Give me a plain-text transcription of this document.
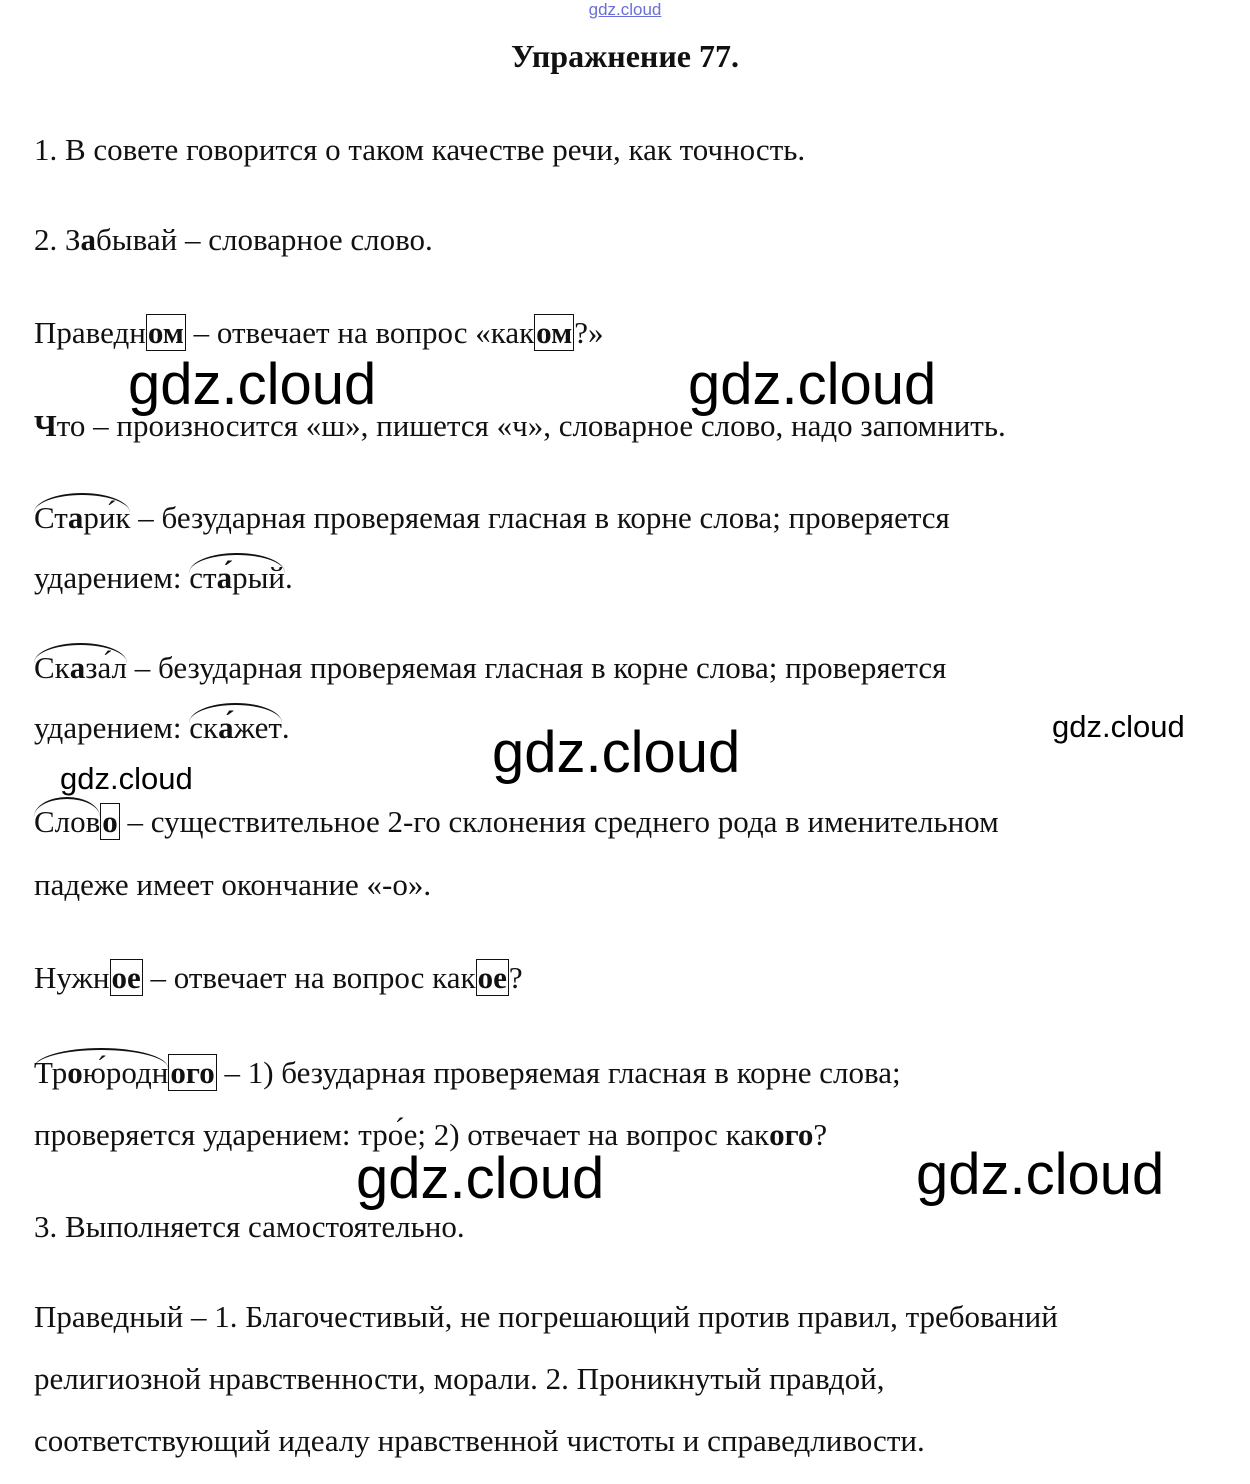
gdz.cloud
Упражнение 77.
1. В совете говорится о таком качестве речи, как точность.
2. Забывай – словарное слово.
Праведном – отвечает на вопрос «каком?»
Что – произносится «ш», пишется «ч», словарное слово, надо запомнить.
Стари́к – безударная проверяемая гласная в корне слова; проверяется
ударением: ста́рый.
Сказа́л – безударная проверяемая гласная в корне слова; проверяется
ударением: ска́жет.
Слово – существительное 2-го склонения среднего рода в именительном
падеже имеет окончание «-о».
Нужное – отвечает на вопрос какое?
Трою́родного – 1) безударная проверяемая гласная в корне слова;
проверяется ударением: тро́е; 2) отвечает на вопрос какого?
3. Выполняется самостоятельно.
Праведный – 1. Благочестивый, не погрешающий против правил, требований
религиозной нравственности, морали. 2. Проникнутый правдой,
соответствующий идеалу нравственной чистоты и справедливости.
gdz.cloud	gdz.cloud
gdz.cloud	gdz.cloud
gdz.cloud
gdz.cloud	gdz.cloud
